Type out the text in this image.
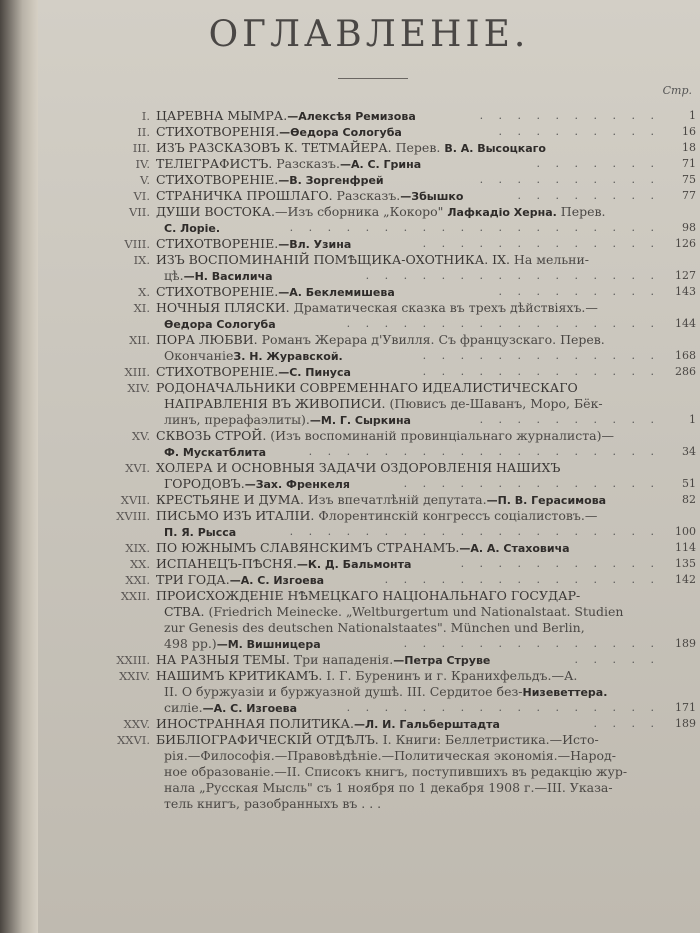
ОГЛАВЛЕНІЕ.
Стр.
I. ЦАРЕВНА МЫМРА.—Алексѣя Ремизова	. . . . . . . . . .	1
II. СТИХОТВОРЕНІЯ.—Ѳедора Сологуба	. . . . . . . . .	16
III. ИЗЪ РАЗСКАЗОВЪ К. ТЕТМАЙЕРА. Перев. В. А. Высоцкаго	18
IV. ТЕЛЕГРАФИСТЪ. Разсказъ.—А. С. Грина	. . . . . . .	71
V. СТИХОТВОРЕНІЕ.—В. Зоргенфрей	. . . . . . . . . .	75
VI. СТРАНИЧКА ПРОШЛАГО. Разсказъ.—Збышко	. . . . . . . .	77
VII. ДУШИ ВОСТОКА.—Изъ сборника „Кокоро" Лафкадіо Херна. Перев.
С. Лоріе.	. . . . . . . . . . . . . . . . . . . .	98
VIII. СТИХОТВОРЕНІЕ.—Вл. Узина	. . . . . . . . . . . . .	126
IX. ИЗЪ ВОСПОМИНАНІЙ ПОМѢЩИКА-ОХОТНИКА. IX. На мельни-
цѣ.—Н. Василича	. . . . . . . . . . . . . . . .	127
X. СТИХОТВОРЕНІЕ.—А. Беклемишева	. . . . . . . . .	143
XI. НОЧНЫЯ ПЛЯСКИ. Драматическая сказка въ трехъ дѣйствіяхъ.—
Ѳедора Сологуба	. . . . . . . . . . . . . . . . .	144
XII. ПОРА ЛЮБВИ. Романъ Жерара д'Увилля. Съ французскаго. Перев.
ОкончаніеЗ. Н. Журавской.	. . . . . . . . . . . . .	168
XIII. СТИХОТВОРЕНІЕ.—С. Пинуса	. . . . . . . . . . . . .	286
XIV. РОДОНАЧАЛЬНИКИ СОВРЕМЕННАГО ИДЕАЛИСТИЧЕСКАГО
НАПРАВЛЕНІЯ ВЪ ЖИВОПИСИ. (Пювисъ де-Шаванъ, Моро, Бёк-
линъ, прерафаэлиты).—М. Г. Сыркина	. . . . . . . . . .	1
XV. СКВОЗЬ СТРОЙ. (Изъ воспоминаній провинціальнаго журналиста)—
Ф. Мускатблита	. . . . . . . . . . . . . . . . . . .	34
XVI. ХОЛЕРА И ОСНОВНЫЯ ЗАДАЧИ ОЗДОРОВЛЕНІЯ НАШИХЪ
ГОРОДОВЪ.—Зах. Френкеля	. . . . . . . . . . . . . .	51
XVII. КРЕСТЬЯНЕ И ДУМА. Изъ впечатлѣній депутата.—П. В. Герасимова	82
XVIII. ПИСЬМО ИЗЪ ИТАЛІИ. Флорентинскій конгрессъ соціалистовъ.—
П. Я. Рысса	. . . . . . . . . . . . . . . . . . . .	100
XIX. ПО ЮЖНЫМЪ СЛАВЯНСКИМЪ СТРАНАМЪ.—А. А. Стаховича	114
XX. ИСПАНЕЦЪ-ПѢСНЯ.—К. Д. Бальмонта	. . . . . . . . . . .	135
XXI. ТРИ ГОДА.—А. С. Изгоева	. . . . . . . . . . . . . . .	142
XXII. ПРОИСХОЖДЕНІЕ НѢМЕЦКАГО НАЦІОНАЛЬНАГО ГОСУДАР-
СТВА. (Friedrich Meinecke. „Weltburgertum und Nationalstaat. Studien
zur Genesis des deutschen Nationalstaates". München und Berlin,
498 pp.)—М. Вишницера	. . . . . . . . . . . . . .	189
XXIII. НА РАЗНЫЯ ТЕМЫ. Три нападенія.—Петра Струве	. . . . .
XXIV. НАШИМЪ КРИТИКАМЪ. I. Г. Буренинъ и г. Кранихфельдъ.—А.
II. О буржуазіи и буржуазной душѣ. III. Сердитое без-Низеветтера.
силіе.—А. С. Изгоева	. . . . . . . . . . . . . . . . .	171
XXV. ИНОСТРАННАЯ ПОЛИТИКА.—Л. И. Гальберштадта	. . . .	189
XXVI. БИБЛІОГРАФИЧЕСКІЙ ОТДѢЛЪ. I. Книги: Беллетристика.—Исто-
рія.—Философія.—Правовѣдѣніе.—Политическая экономія.—Народ-
ное образованіе.—II. Списокъ книгъ, поступившихъ въ редакцію жур-
нала „Русская Мысль" съ 1 ноября по 1 декабря 1908 г.—III. Указа-
тель книгъ, разобранныхъ въ . . .
